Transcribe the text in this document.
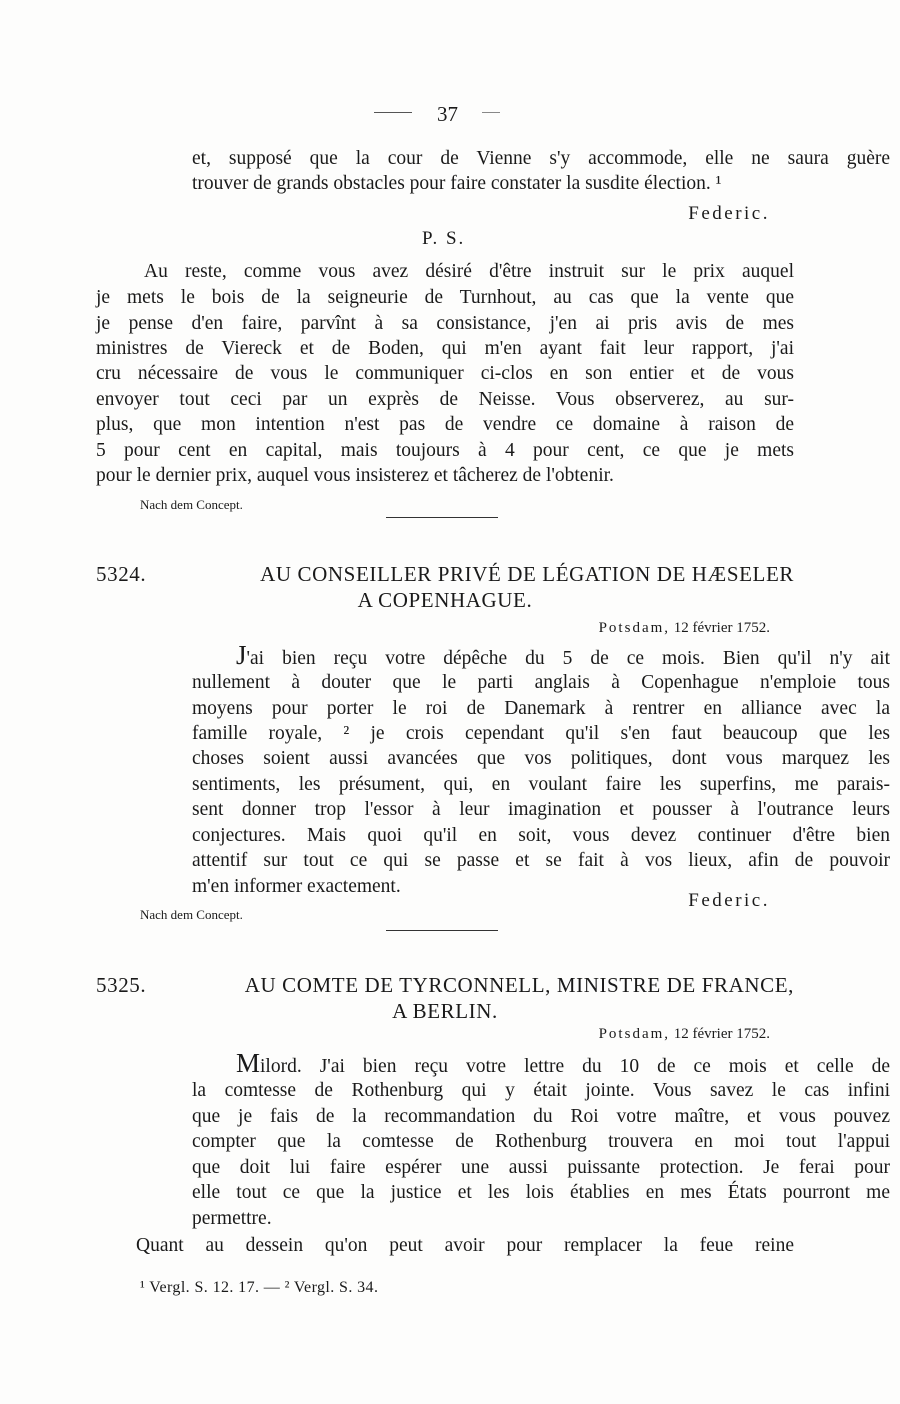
37
et, supposé que la cour de Vienne s'y accommode, elle ne saura guère
trouver de grands obstacles pour faire constater la susdite élection. ¹
Federic.
P. S.
Au reste, comme vous avez désiré d'être instruit sur le prix auquel
je mets le bois de la seigneurie de Turnhout, au cas que la vente que
je pense d'en faire, parvînt à sa consistance, j'en ai pris avis de mes
ministres de Viereck et de Boden, qui m'en ayant fait leur rapport, j'ai
cru nécessaire de vous le communiquer ci-clos en son entier et de vous
envoyer tout ceci par un exprès de Neisse. Vous observerez, au sur-
plus, que mon intention n'est pas de vendre ce domaine à raison de
5 pour cent en capital, mais toujours à 4 pour cent, ce que je mets
pour le dernier prix, auquel vous insisterez et tâcherez de l'obtenir.
Nach dem Concept.
5324.	AU CONSEILLER PRIVÉ DE LÉGATION DE HÆSELER
A COPENHAGUE.
Potsdam, 12 février 1752.
J'ai bien reçu votre dépêche du 5 de ce mois. Bien qu'il n'y ait
nullement à douter que le parti anglais à Copenhague n'emploie tous
moyens pour porter le roi de Danemark à rentrer en alliance avec la
famille royale, ² je crois cependant qu'il s'en faut beaucoup que les
choses soient aussi avancées que vos politiques, dont vous marquez les
sentiments, les présument, qui, en voulant faire les superfins, me parais-
sent donner trop l'essor à leur imagination et pousser à l'outrance leurs
conjectures. Mais quoi qu'il en soit, vous devez continuer d'être bien
attentif sur tout ce qui se passe et se fait à vos lieux, afin de pouvoir
m'en informer exactement.
Federic.
Nach dem Concept.
5325.	AU COMTE DE TYRCONNELL, MINISTRE DE FRANCE,
A BERLIN.
Potsdam, 12 février 1752.
Milord. J'ai bien reçu votre lettre du 10 de ce mois et celle de
la comtesse de Rothenburg qui y était jointe. Vous savez le cas infini
que je fais de la recommandation du Roi votre maître, et vous pouvez
compter que la comtesse de Rothenburg trouvera en moi tout l'appui
que doit lui faire espérer une aussi puissante protection. Je ferai pour
elle tout ce que la justice et les lois établies en mes États pourront me
permettre.
Quant au dessein qu'on peut avoir pour remplacer la feue reine
¹ Vergl. S. 12. 17. — ² Vergl. S. 34.
